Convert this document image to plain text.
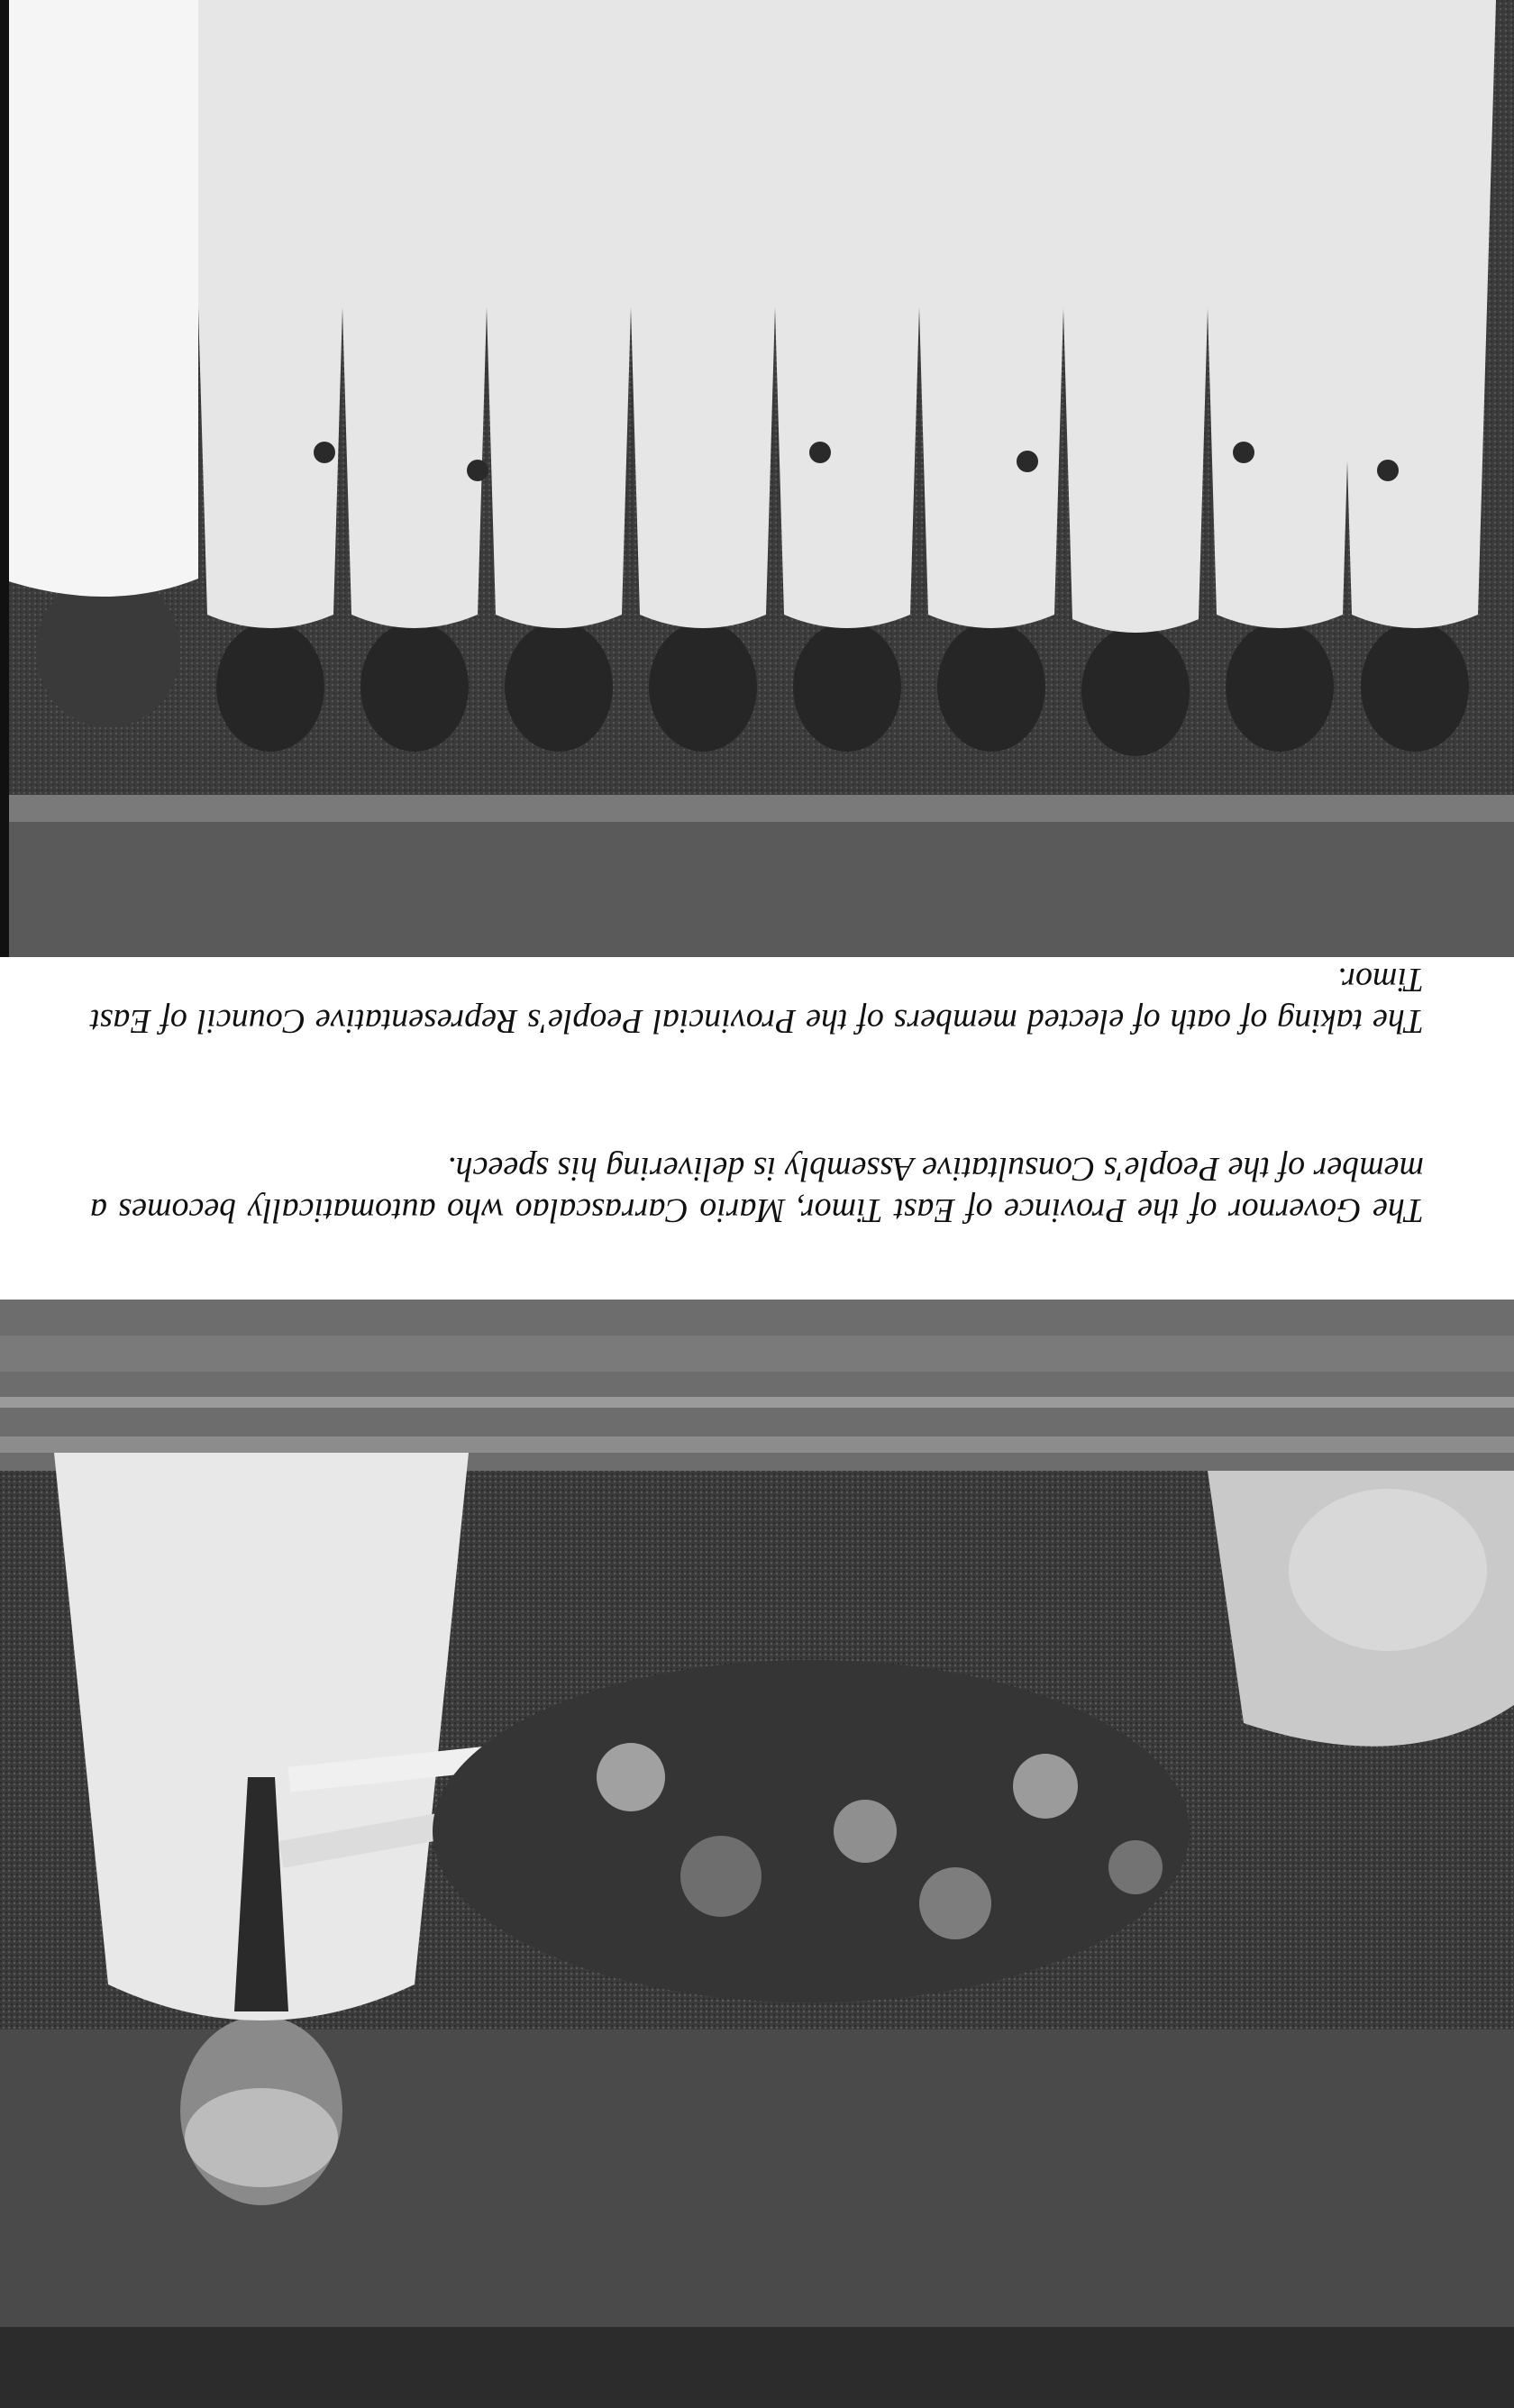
The Governor of the Province of East Timor, Mario Carrascalao who automatically becomes a member of the People's Consultative Assembly is delivering his speech.

The taking of oath of elected members of the Provincial People's Representative Council of East Timor.
